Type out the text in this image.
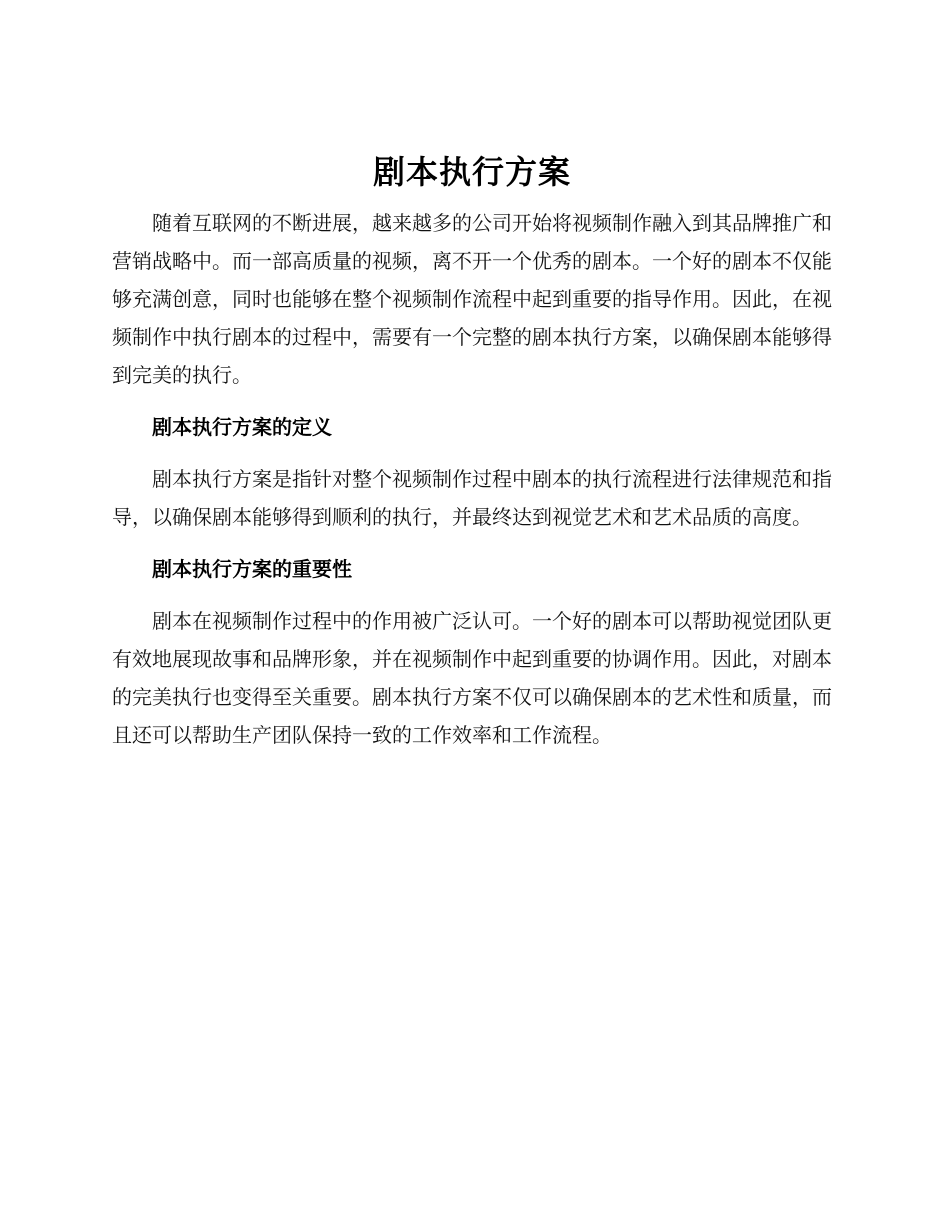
剧本执行方案

随着互联网的不断进展，越来越多的公司开始将视频制作融入到其品牌推广和营销战略中。而一部高质量的视频，离不开一个优秀的剧本。一个好的剧本不仅能够充满创意，同时也能够在整个视频制作流程中起到重要的指导作用。因此，在视频制作中执行剧本的过程中，需要有一个完整的剧本执行方案，以确保剧本能够得到完美的执行。

剧本执行方案的定义

剧本执行方案是指针对整个视频制作过程中剧本的执行流程进行法律规范和指导，以确保剧本能够得到顺利的执行，并最终达到视觉艺术和艺术品质的高度。

剧本执行方案的重要性

剧本在视频制作过程中的作用被广泛认可。一个好的剧本可以帮助视觉团队更有效地展现故事和品牌形象，并在视频制作中起到重要的协调作用。因此，对剧本的完美执行也变得至关重要。剧本执行方案不仅可以确保剧本的艺术性和质量，而且还可以帮助生产团队保持一致的工作效率和工作流程。
